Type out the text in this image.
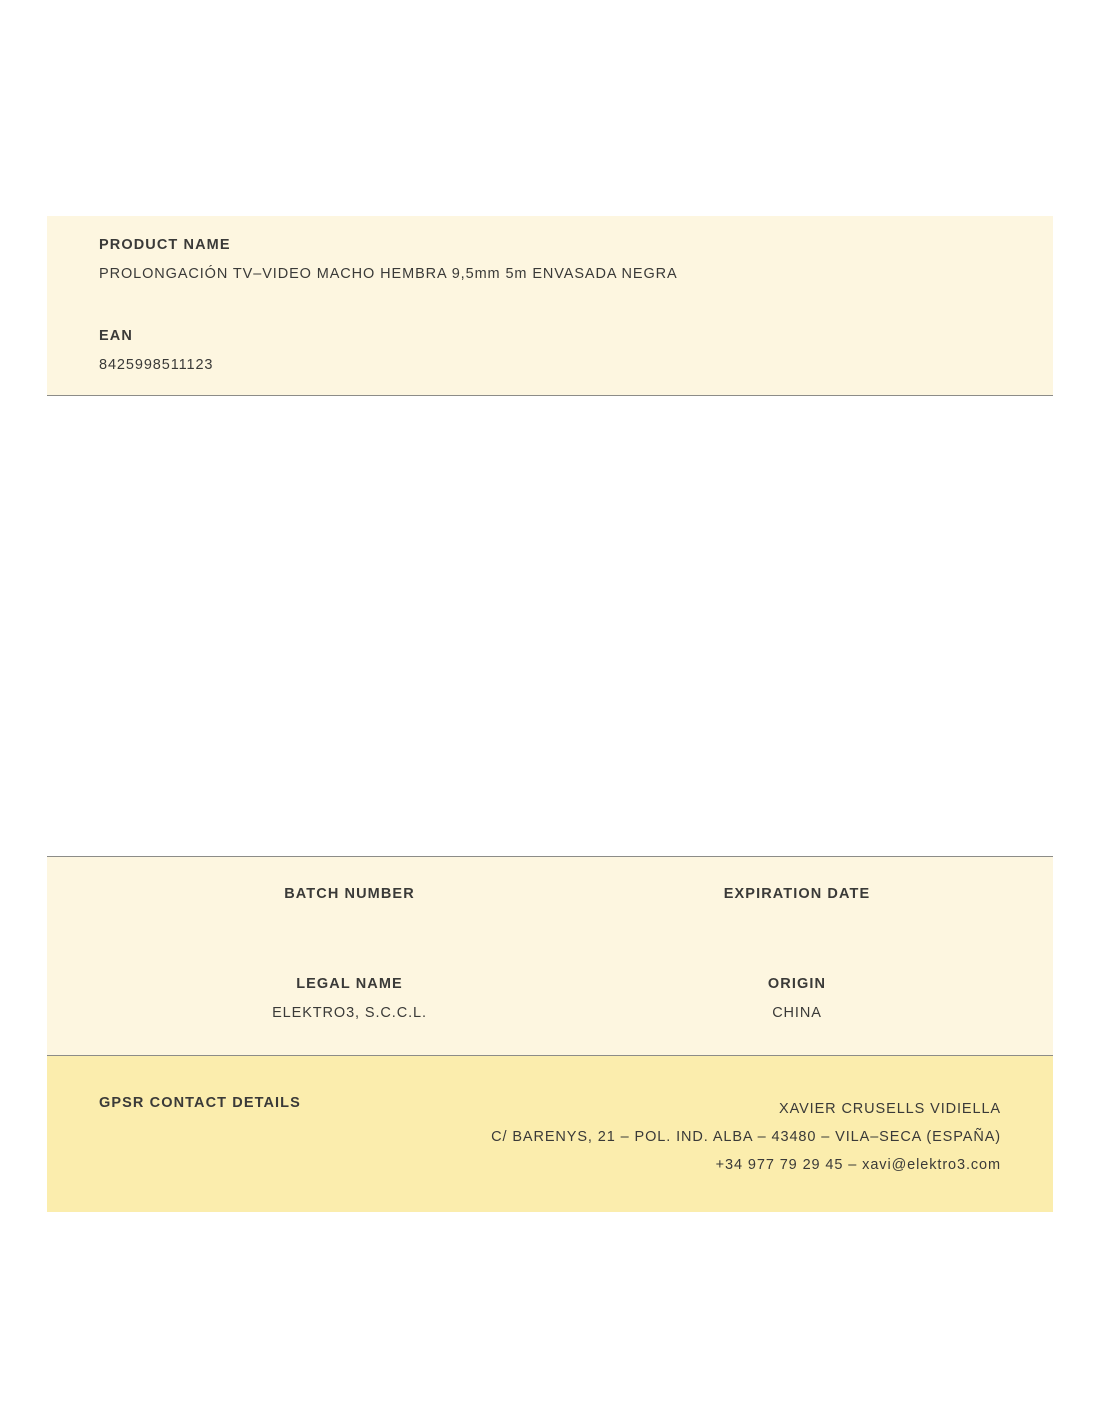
PRODUCT NAME
PROLONGACIÓN TV–VIDEO MACHO HEMBRA 9,5mm 5m ENVASADA NEGRA
EAN
8425998511123
BATCH NUMBER	EXPIRATION DATE
LEGAL NAME
ELEKTRO3, S.C.C.L.
ORIGIN
CHINA
GPSR CONTACT DETAILS	XAVIER CRUSELLS VIDIELLA
C/ BARENYS, 21 – POL. IND. ALBA – 43480 – VILA–SECA (ESPAÑA)
+34 977 79 29 45 – xavi@elektro3.com
